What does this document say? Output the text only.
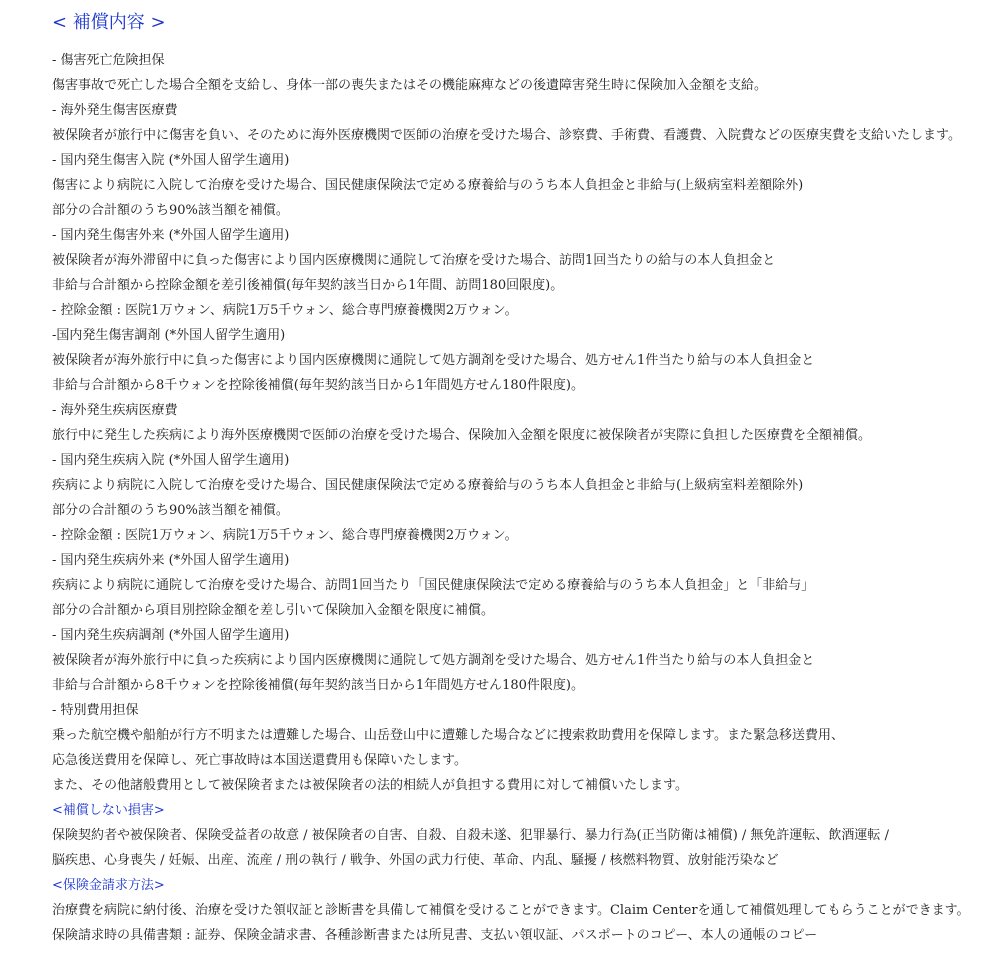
< 補償内容 >
- 傷害死亡危険担保
傷害事故で死亡した場合全額を支給し、身体一部の喪失またはその機能麻痺などの後遺障害発生時に保険加入金額を支給。
- 海外発生傷害医療費
被保険者が旅行中に傷害を負い、そのために海外医療機関で医師の治療を受けた場合、診察費、手術費、看護費、入院費などの医療実費を支給いたします。
- 国内発生傷害入院 (*外国人留学生適用)
傷害により病院に入院して治療を受けた場合、国民健康保険法で定める療養給与のうち本人負担金と非給与(上級病室料差額除外)
部分の合計額のうち90%該当額を補償。
- 国内発生傷害外来 (*外国人留学生適用)
被保険者が海外滞留中に負った傷害により国内医療機関に通院して治療を受けた場合、訪問1回当たりの給与の本人負担金と
非給与合計額から控除金額を差引後補償(毎年契約該当日から1年間、訪問180回限度)。
- 控除金額 : 医院1万ウォン、病院1万5千ウォン、総合専門療養機関2万ウォン。
-国内発生傷害調剤 (*外国人留学生適用)
被保険者が海外旅行中に負った傷害により国内医療機関に通院して処方調剤を受けた場合、処方せん1件当たり給与の本人負担金と
非給与合計額から8千ウォンを控除後補償(毎年契約該当日から1年間処方せん180件限度)。
- 海外発生疾病医療費
旅行中に発生した疾病により海外医療機関で医師の治療を受けた場合、保険加入金額を限度に被保険者が実際に負担した医療費を全額補償。
- 国内発生疾病入院 (*外国人留学生適用)
疾病により病院に入院して治療を受けた場合、国民健康保険法で定める療養給与のうち本人負担金と非給与(上級病室料差額除外)
部分の合計額のうち90%該当額を補償。
- 控除金額 : 医院1万ウォン、病院1万5千ウォン、総合専門療養機関2万ウォン。
- 国内発生疾病外来 (*外国人留学生適用)
疾病により病院に通院して治療を受けた場合、訪問1回当たり「国民健康保険法で定める療養給与のうち本人負担金」と「非給与」
部分の合計額から項目別控除金額を差し引いて保険加入金額を限度に補償。
- 国内発生疾病調剤 (*外国人留学生適用)
被保険者が海外旅行中に負った疾病により国内医療機関に通院して処方調剤を受けた場合、処方せん1件当たり給与の本人負担金と
非給与合計額から8千ウォンを控除後補償(毎年契約該当日から1年間処方せん180件限度)。
- 特別費用担保
乗った航空機や船舶が行方不明または遭難した場合、山岳登山中に遭難した場合などに捜索救助費用を保障します。また緊急移送費用、
応急後送費用を保障し、死亡事故時は本国送還費用も保障いたします。
また、その他諸般費用として被保険者または被保険者の法的相続人が負担する費用に対して補償いたします。
<補償しない損害>
保険契約者や被保険者、保険受益者の故意 / 被保険者の自害、自殺、自殺未遂、犯罪暴行、暴力行為(正当防衛は補償) / 無免許運転、飲酒運転 /
脳疾患、心身喪失 / 妊娠、出産、流産 / 刑の執行 / 戦争、外国の武力行使、革命、内乱、騒擾 / 核燃料物質、放射能汚染など
<保険金請求方法>
治療費を病院に納付後、治療を受けた領収証と診断書を具備して補償を受けることができます。Claim Centerを通して補償処理してもらうことができます。
保険請求時の具備書類 : 証券、保険金請求書、各種診断書または所見書、支払い領収証、パスポートのコピー、本人の通帳のコピー
